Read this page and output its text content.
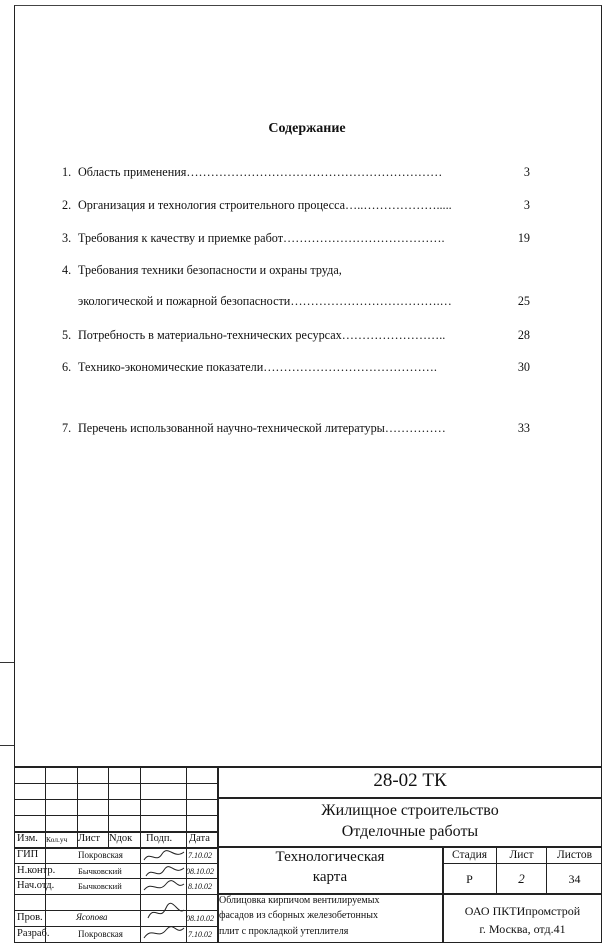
Содержание
1. Область применения………………………………………………………	3
2. Организация и технология строительного процесса…..……………….....	3
3. Требования к качеству и приемке работ………………………………….	19
4. Требования техники безопасности и охраны труда,
экологической и пожарной безопасности……………………………….…	25
5. Потребность в материально-технических ресурсах……………………..	28
6. Технико-экономические показатели…………………………………….	30
7. Перечень использованной научно-технической литературы……………	33
Изм. Кол.уч Лист Nдок Подп. Дата
ГИП	Покровская	7.10.02
Н.контр.	Бычковский	08.10.02
Нач.отд.	Бычковский	8.10.02
Пров.	Ясопова	08.10.02
Разраб.	Покровская	7.10.02
28-02 ТК
Жилищное строительство
Отделочные работы
Технологическая
карта
Облицовка кирпичом вентилируемых
фасадов из сборных железобетонных
плит с прокладкой утеплителя
Стадия	Лист	Листов
Р	2	34
ОАО ПКТИпромстрой
г. Москва, отд.41
